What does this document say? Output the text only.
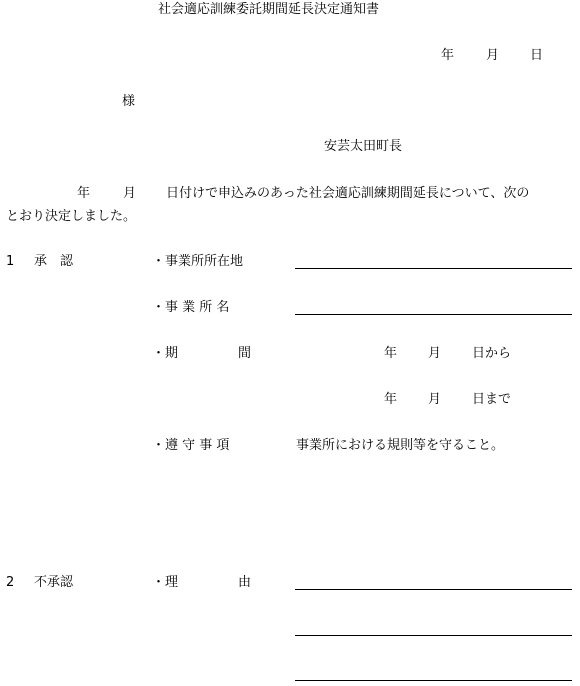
社会適応訓練委託期間延長決定通知書
年 月 日
様
安芸太田町長
年	月 日付けで申込みのあった社会適応訓練期間延長について、次の
とおり決定しました。
1 承　認	・事業所所在地
・事 業 所 名
・期	間	年 月 日から
年 月 日まで
・遵 守 事 項	事業所における規則等を守ること。
2 不承認	・理	由
